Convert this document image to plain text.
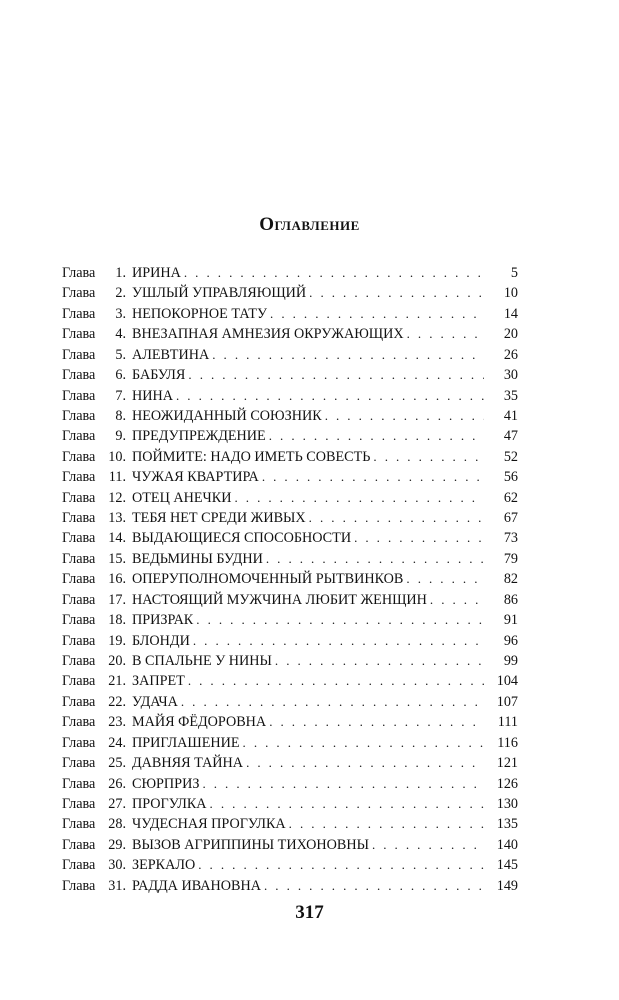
Оглавление
Глава 1. ИРИНА . . .	5
Глава 2. УШЛЫЙ УПРАВЛЯЮЩИЙ . . .	10
Глава 3. НЕПОКОРНОЕ ТАТУ . . .	14
Глава 4. ВНЕЗАПНАЯ АМНЕЗИЯ ОКРУЖАЮЩИХ . . .	20
Глава 5. АЛЕВТИНА . . .	26
Глава 6. БАБУЛЯ . . .	30
Глава 7. НИНА . . .	35
Глава 8. НЕОЖИДАННЫЙ СОЮЗНИК . . .	41
Глава 9. ПРЕДУПРЕЖДЕНИЕ . . .	47
Глава 10. ПОЙМИТЕ: НАДО ИМЕТЬ СОВЕСТЬ . . .	52
Глава 11. ЧУЖАЯ КВАРТИРА . . .	56
Глава 12. ОТЕЦ АНЕЧКИ . . .	62
Глава 13. ТЕБЯ НЕТ СРЕДИ ЖИВЫХ . . .	67
Глава 14. ВЫДАЮЩИЕСЯ СПОСОБНОСТИ . . .	73
Глава 15. ВЕДЬМИНЫ БУДНИ . . .	79
Глава 16. ОПЕРУПОЛНОМОЧЕННЫЙ РЫТВИНКОВ . . .	82
Глава 17. НАСТОЯЩИЙ МУЖЧИНА ЛЮБИТ ЖЕНЩИН . . .	86
Глава 18. ПРИЗРАК . . .	91
Глава 19. БЛОНДИ . . .	96
Глава 20. В СПАЛЬНЕ У НИНЫ . . .	99
Глава 21. ЗАПРЕТ . . .	104
Глава 22. УДАЧА . . .	107
Глава 23. МАЙЯ ФЁДОРОВНА . . .	111
Глава 24. ПРИГЛАШЕНИЕ . . .	116
Глава 25. ДАВНЯЯ ТАЙНА . . .	121
Глава 26. СЮРПРИЗ . . .	126
Глава 27. ПРОГУЛКА . . .	130
Глава 28. ЧУДЕСНАЯ ПРОГУЛКА . . .	135
Глава 29. ВЫЗОВ АГРИППИНЫ ТИХОНОВНЫ . . .	140
Глава 30. ЗЕРКАЛО . . .	145
Глава 31. РАДДА ИВАНОВНА . . .	149
317
